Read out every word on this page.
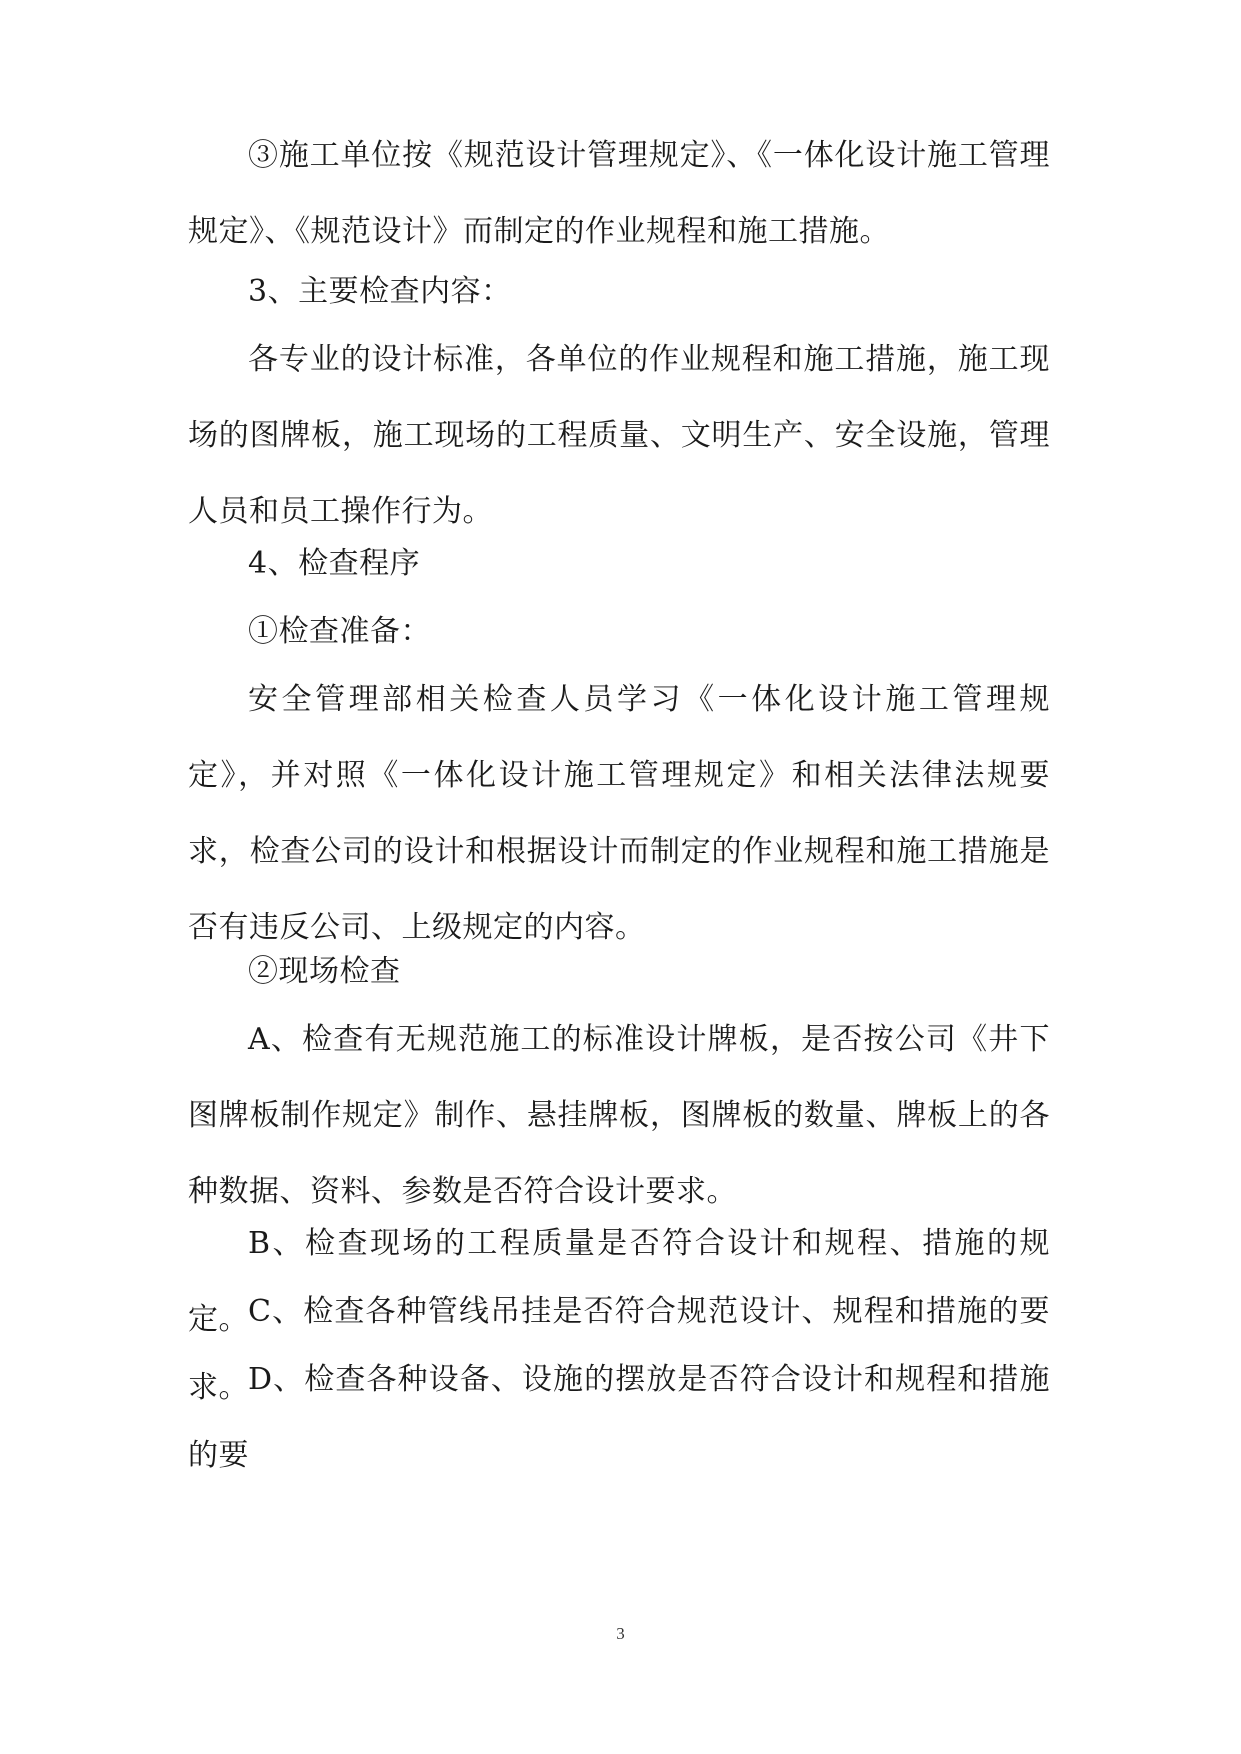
③施工单位按《规范设计管理规定》、《一体化设计施工管理规定》、《规范设计》而制定的作业规程和施工措施。

3、主要检查内容：

各专业的设计标准，各单位的作业规程和施工措施，施工现场的图牌板，施工现场的工程质量、文明生产、安全设施，管理人员和员工操作行为。

4、检查程序

①检查准备：

安全管理部相关检查人员学习《一体化设计施工管理规定》，并对照《一体化设计施工管理规定》和相关法律法规要求，检查公司的设计和根据设计而制定的作业规程和施工措施是否有违反公司、上级规定的内容。

②现场检查

A、检查有无规范施工的标准设计牌板，是否按公司《井下图牌板制作规定》制作、悬挂牌板，图牌板的数量、牌板上的各种数据、资料、参数是否符合设计要求。

B、检查现场的工程质量是否符合设计和规程、措施的规定。 C、检查各种管线吊挂是否符合规范设计、规程和措施的要求。 D、检查各种设备、设施的摆放是否符合设计和规程和措施的要

3
